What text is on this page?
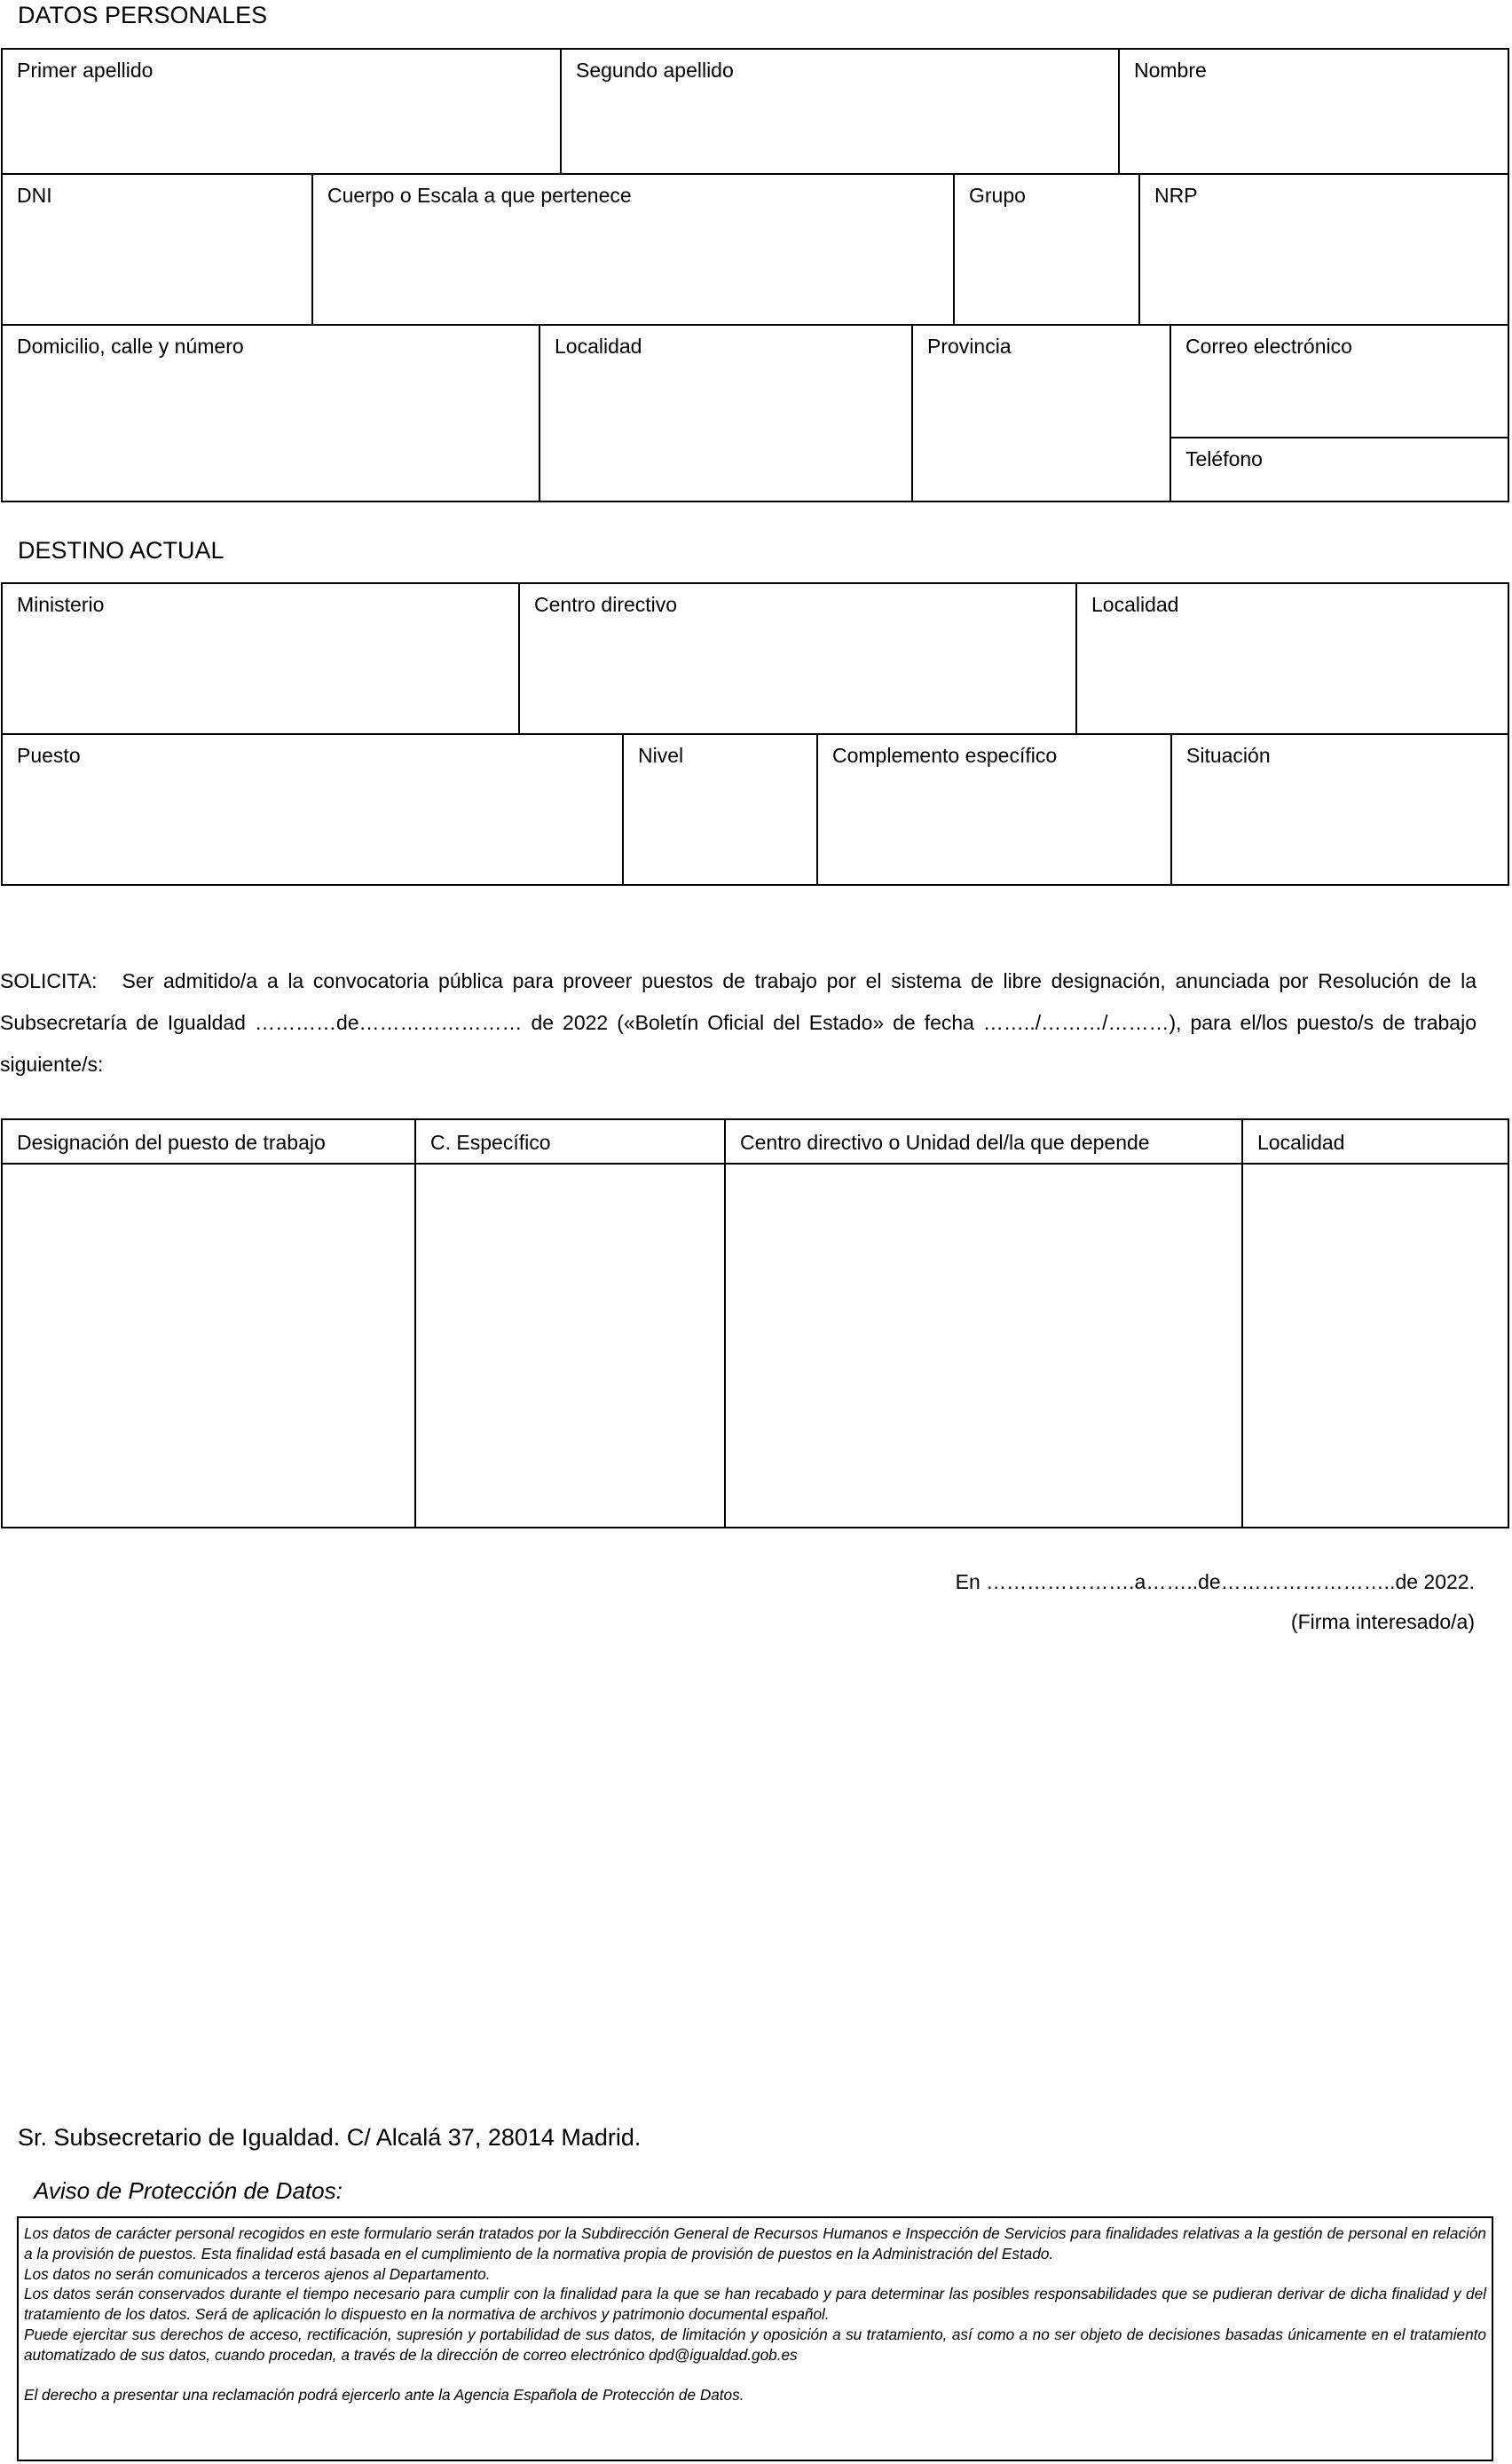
DATOS PERSONALES
Primer apellido	Segundo apellido	Nombre
DNI	Cuerpo o Escala a que pertenece	Grupo	NRP
Domicilio, calle y número	Localidad	Provincia	Correo electrónico
Teléfono
DESTINO ACTUAL
Ministerio	Centro directivo	Localidad
Puesto	Nivel	Complemento específico	Situación
SOLICITA: Ser admitido/a a la convocatoria pública para proveer puestos de trabajo por el sistema de libre designación, anunciada por Resolución de la Subsecretaría de Igualdad …………de…………………… de 2022 («Boletín Oficial del Estado» de fecha ……../………/………), para el/los puesto/s de trabajo siguiente/s:
Designación del puesto de trabajo	C. Específico	Centro directivo o Unidad del/la que depende	Localidad
En ………………….a……..de……………………..de 2022.
(Firma interesado/a)
Sr. Subsecretario de Igualdad. C/ Alcalá 37, 28014 Madrid.
Aviso de Protección de Datos:

Los datos de carácter personal recogidos en este formulario serán tratados por la Subdirección General de Recursos Humanos e Inspección de Servicios para finalidades relativas a la gestión de personal en relación a la provisión de puestos. Esta finalidad está basada en el cumplimiento de la normativa propia de provisión de puestos en la Administración del Estado.

Los datos no serán comunicados a terceros ajenos al Departamento.

Los datos serán conservados durante el tiempo necesario para cumplir con la finalidad para la que se han recabado y para determinar las posibles responsabilidades que se pudieran derivar de dicha finalidad y del tratamiento de los datos. Será de aplicación lo dispuesto en la normativa de archivos y patrimonio documental español.

Puede ejercitar sus derechos de acceso, rectificación, supresión y portabilidad de sus datos, de limitación y oposición a su tratamiento, así como a no ser objeto de decisiones basadas únicamente en el tratamiento automatizado de sus datos, cuando procedan, a través de la dirección de correo electrónico dpd@igualdad.gob.es

El derecho a presentar una reclamación podrá ejercerlo ante la Agencia Española de Protección de Datos.
